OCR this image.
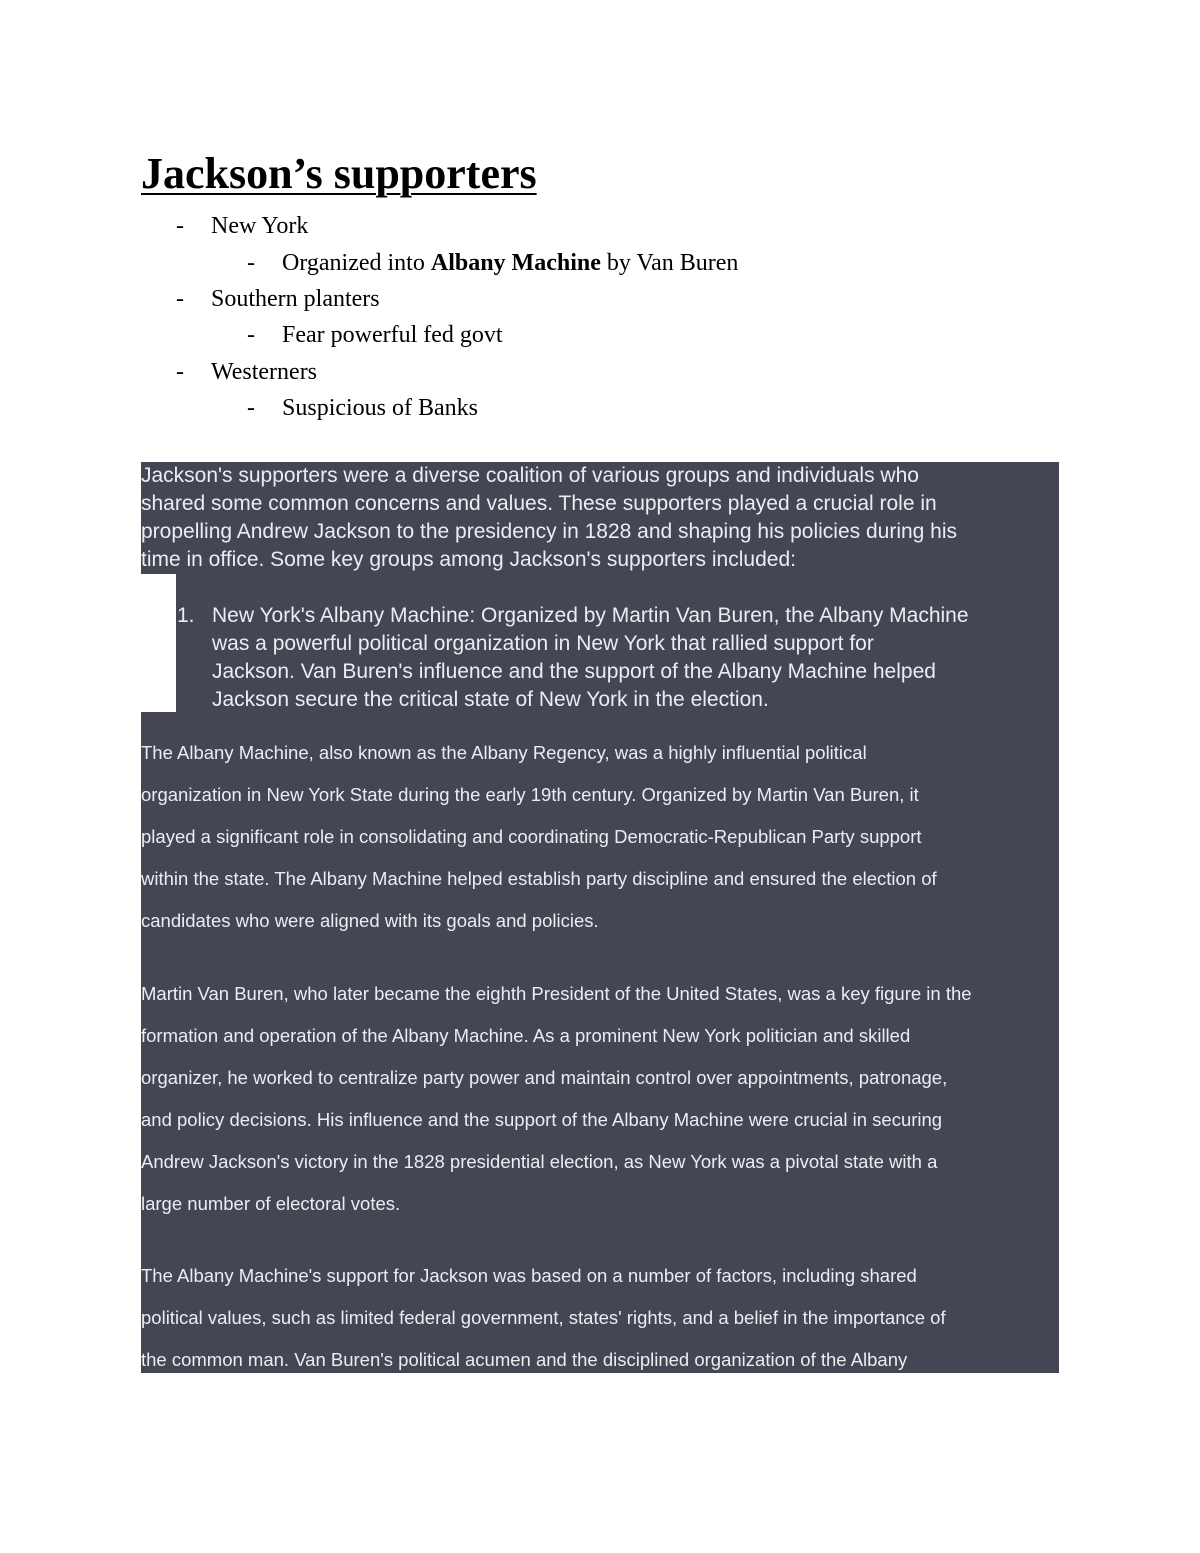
Jackson’s supporters
- New York
- Organized into Albany Machine by Van Buren
- Southern planters
- Fear powerful fed govt
- Westerners
- Suspicious of Banks
Jackson's supporters were a diverse coalition of various groups and individuals who
shared some common concerns and values. These supporters played a crucial role in
propelling Andrew Jackson to the presidency in 1828 and shaping his policies during his
time in office. Some key groups among Jackson's supporters included:
1. New York's Albany Machine: Organized by Martin Van Buren, the Albany Machine
was a powerful political organization in New York that rallied support for
Jackson. Van Buren's influence and the support of the Albany Machine helped
Jackson secure the critical state of New York in the election.
The Albany Machine, also known as the Albany Regency, was a highly influential political
organization in New York State during the early 19th century. Organized by Martin Van Buren, it
played a significant role in consolidating and coordinating Democratic-Republican Party support
within the state. The Albany Machine helped establish party discipline and ensured the election of
candidates who were aligned with its goals and policies.
Martin Van Buren, who later became the eighth President of the United States, was a key figure in the
formation and operation of the Albany Machine. As a prominent New York politician and skilled
organizer, he worked to centralize party power and maintain control over appointments, patronage,
and policy decisions. His influence and the support of the Albany Machine were crucial in securing
Andrew Jackson's victory in the 1828 presidential election, as New York was a pivotal state with a
large number of electoral votes.
The Albany Machine's support for Jackson was based on a number of factors, including shared
political values, such as limited federal government, states' rights, and a belief in the importance of
the common man. Van Buren's political acumen and the disciplined organization of the Albany
